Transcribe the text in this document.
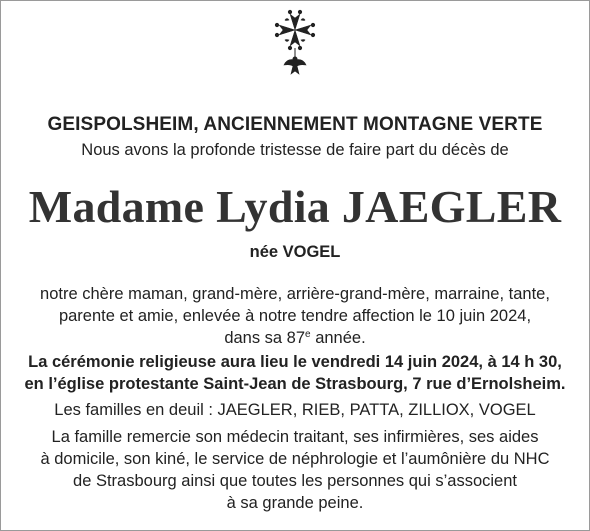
GEISPOLSHEIM, ANCIENNEMENT MONTAGNE VERTE
Nous avons la profonde tristesse de faire part du décès de
Madame Lydia JAEGLER
née VOGEL
notre chère maman, grand-mère, arrière-grand-mère, marraine, tante,
parente et amie, enlevée à notre tendre affection le 10 juin 2024,
dans sa 87e année.
La cérémonie religieuse aura lieu le vendredi 14 juin 2024, à 14 h 30,
en l’église protestante Saint-Jean de Strasbourg, 7 rue d’Ernolsheim.
Les familles en deuil : JAEGLER, RIEB, PATTA, ZILLIOX, VOGEL
La famille remercie son médecin traitant, ses infirmières, ses aides
à domicile, son kiné, le service de néphrologie et l’aumônière du NHC
de Strasbourg ainsi que toutes les personnes qui s’associent
à sa grande peine.
